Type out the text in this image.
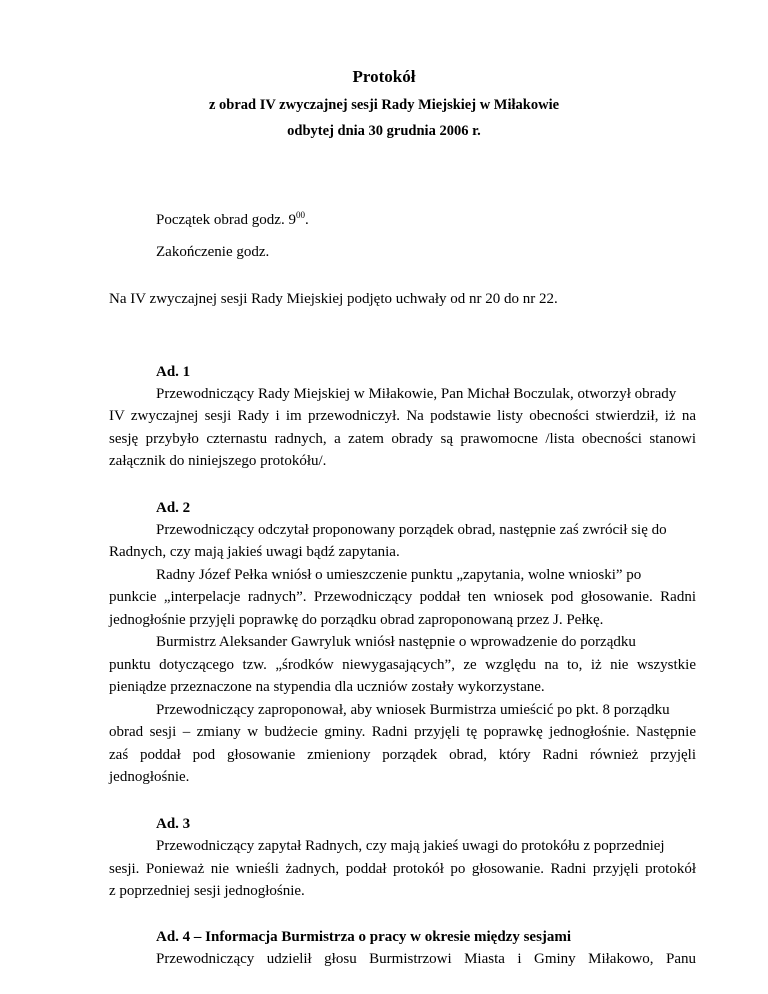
Protokół
z obrad IV zwyczajnej sesji Rady Miejskiej w Miłakowie
odbytej dnia 30 grudnia 2006 r.
Początek obrad godz. $9^{00}$.
Zakończenie godz.
Na IV zwyczajnej sesji Rady Miejskiej podjęto uchwały od nr 20 do nr 22.
Ad. 1
Przewodniczący Rady Miejskiej w Miłakowie, Pan Michał Boczulak, otworzył obrady
IV zwyczajnej sesji Rady i im przewodniczył. Na podstawie listy obecności stwierdził, iż na
sesję przybyło czternastu radnych, a zatem obrady są prawomocne /lista obecności stanowi
załącznik do niniejszego protokółu/.
Ad. 2
Przewodniczący odczytał proponowany porządek obrad, następnie zaś zwrócił się do
Radnych, czy mają jakieś uwagi bądź zapytania.
Radny Józef Pełka wniósł o umieszczenie punktu „zapytania, wolne wnioski” po
punkcie „interpelacje radnych”. Przewodniczący poddał ten wniosek pod głosowanie. Radni
jednogłośnie przyjęli poprawkę do porządku obrad zaproponowaną przez J. Pełkę.
Burmistrz Aleksander Gawryluk wniósł następnie o wprowadzenie do porządku
punktu dotyczącego tzw. „środków niewygasających”, ze względu na to, iż nie wszystkie
pieniądze przeznaczone na stypendia dla uczniów zostały wykorzystane.
Przewodniczący zaproponował, aby wniosek Burmistrza umieścić po pkt. 8 porządku
obrad sesji – zmiany w budżecie gminy. Radni przyjęli tę poprawkę jednogłośnie. Następnie
zaś poddał pod głosowanie zmieniony porządek obrad, który Radni również przyjęli
jednogłośnie.
Ad. 3
Przewodniczący zapytał Radnych, czy mają jakieś uwagi do protokółu z poprzedniej
sesji. Ponieważ nie wnieśli żadnych, poddał protokół po głosowanie. Radni przyjęli protokół
z poprzedniej sesji jednogłośnie.
Ad. 4 – Informacja Burmistrza o pracy w okresie między sesjami
Przewodniczący udzielił głosu Burmistrzowi Miasta i Gminy Miłakowo, Panu
